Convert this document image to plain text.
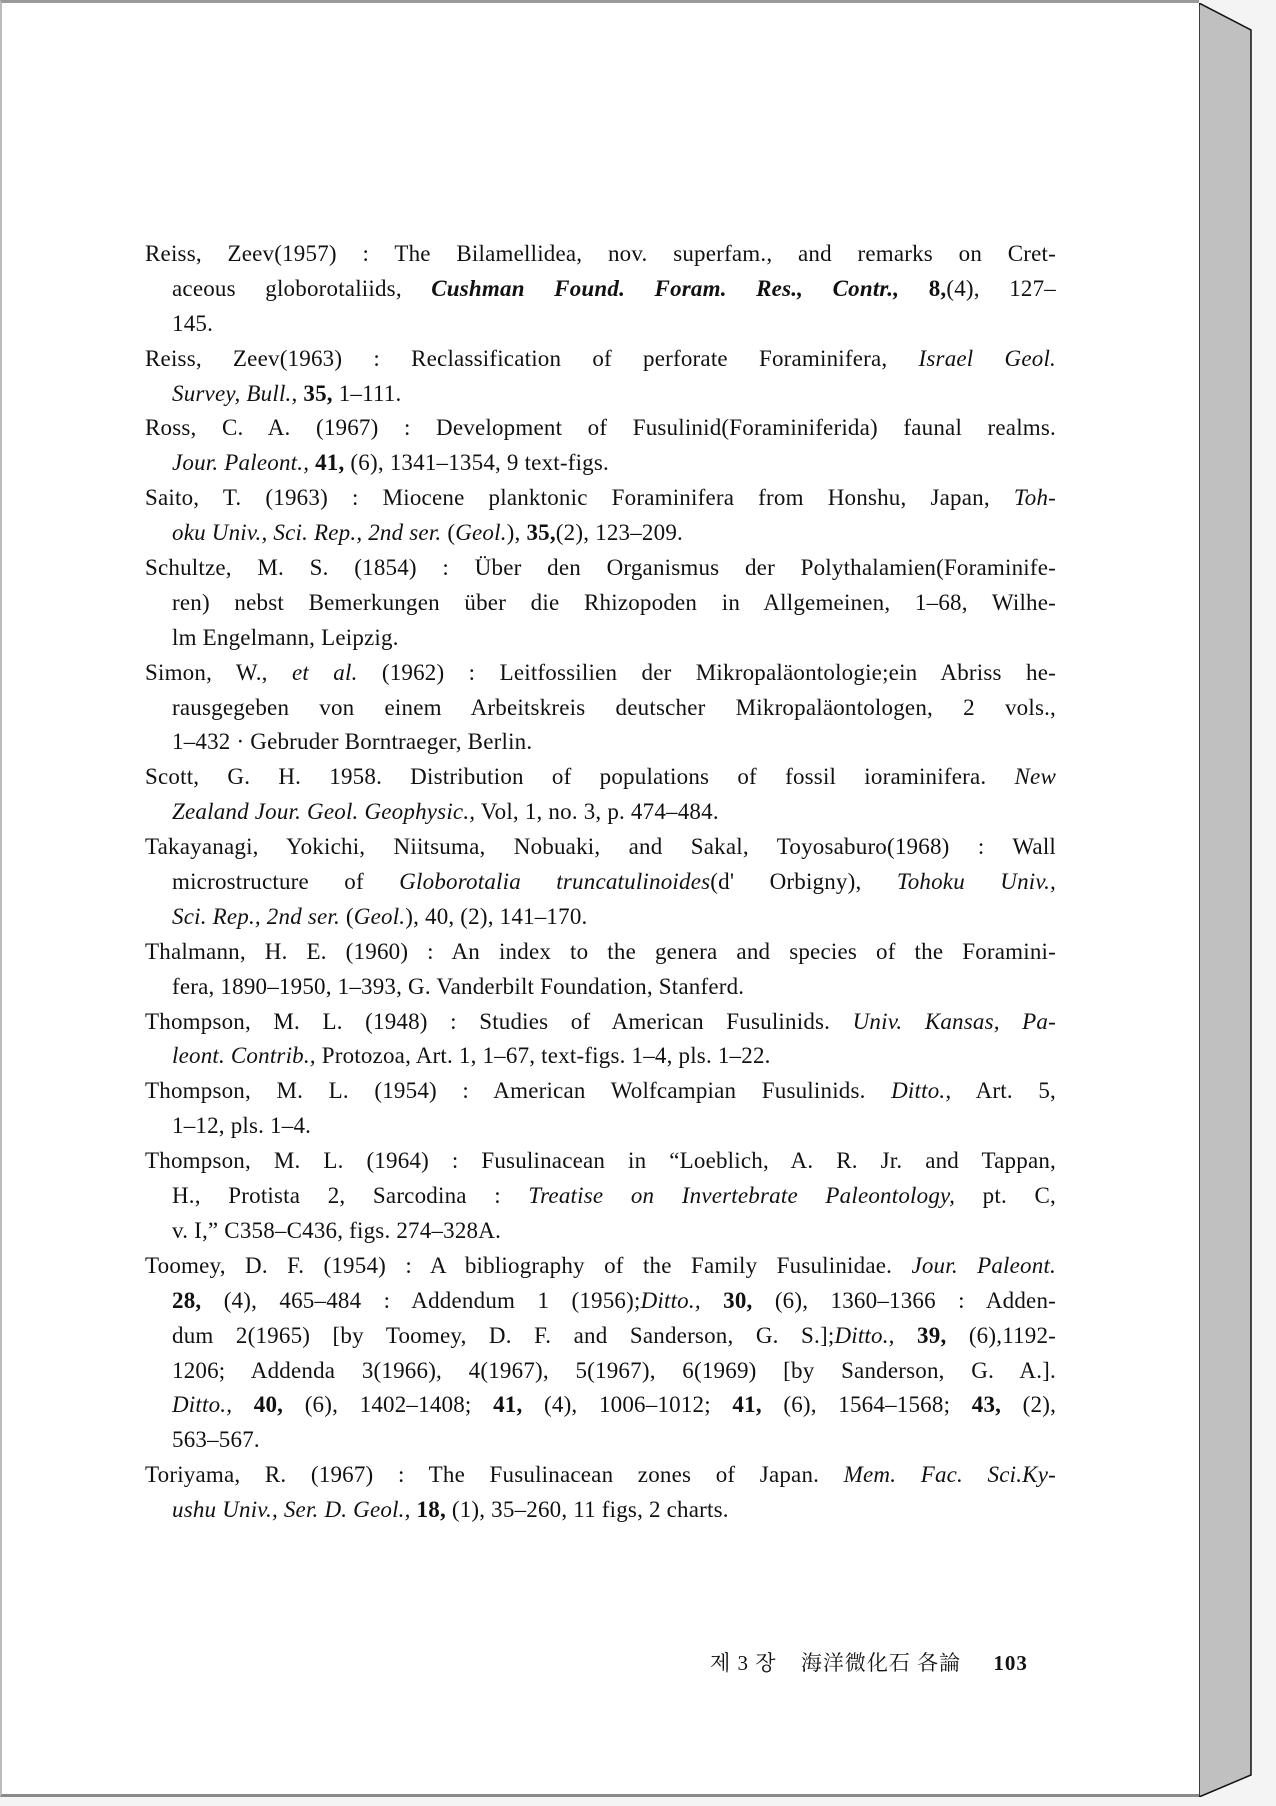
Reiss, Zeev(1957) : The Bilamellidea, nov. superfam., and remarks on Cret-
aceous globorotaliids, Cushman Found. Foram. Res., Contr., 8,(4), 127–
145.
Reiss, Zeev(1963) : Reclassification of perforate Foraminifera, Israel Geol.
Survey, Bull., 35, 1–111.
Ross, C. A. (1967) : Development of Fusulinid(Foraminiferida) faunal realms.
Jour. Paleont., 41, (6), 1341–1354, 9 text-figs.
Saito, T. (1963) : Miocene planktonic Foraminifera from Honshu, Japan, Toh-
oku Univ., Sci. Rep., 2nd ser. (Geol.), 35,(2), 123–209.
Schultze, M. S. (1854) : Über den Organismus der Polythalamien(Foraminife-
ren) nebst Bemerkungen über die Rhizopoden in Allgemeinen, 1–68, Wilhe-
lm Engelmann, Leipzig.
Simon, W., et al. (1962) : Leitfossilien der Mikropaläontologie;ein Abriss he-
rausgegeben von einem Arbeitskreis deutscher Mikropaläontologen, 2 vols.,
1–432 · Gebruder Borntraeger, Berlin.
Scott, G. H. 1958. Distribution of populations of fossil ioraminifera. New
Zealand Jour. Geol. Geophysic., Vol, 1, no. 3, p. 474–484.
Takayanagi, Yokichi, Niitsuma, Nobuaki, and Sakal, Toyosaburo(1968) : Wall
microstructure of Globorotalia truncatulinoides(d' Orbigny), Tohoku Univ.,
Sci. Rep., 2nd ser. (Geol.), 40, (2), 141–170.
Thalmann, H. E. (1960) : An index to the genera and species of the Foramini-
fera, 1890–1950, 1–393, G. Vanderbilt Foundation, Stanferd.
Thompson, M. L. (1948) : Studies of American Fusulinids. Univ. Kansas, Pa-
leont. Contrib., Protozoa, Art. 1, 1–67, text-figs. 1–4, pls. 1–22.
Thompson, M. L. (1954) : American Wolfcampian Fusulinids. Ditto., Art. 5,
1–12, pls. 1–4.
Thompson, M. L. (1964) : Fusulinacean in “Loeblich, A. R. Jr. and Tappan,
H., Protista 2, Sarcodina : Treatise on Invertebrate Paleontology, pt. C,
v. I,” C358–C436, figs. 274–328A.
Toomey, D. F. (1954) : A bibliography of the Family Fusulinidae. Jour. Paleont.
28, (4), 465–484 : Addendum 1 (1956);Ditto., 30, (6), 1360–1366 : Adden-
dum 2(1965) [by Toomey, D. F. and Sanderson, G. S.];Ditto., 39, (6),1192-
1206; Addenda 3(1966), 4(1967), 5(1967), 6(1969) [by Sanderson, G. A.].
Ditto., 40, (6), 1402–1408; 41, (4), 1006–1012; 41, (6), 1564–1568; 43, (2),
563–567.
Toriyama, R. (1967) : The Fusulinacean zones of Japan. Mem. Fac. Sci.Ky-
ushu Univ., Ser. D. Geol., 18, (1), 35–260, 11 figs, 2 charts.
제 3 장 海洋微化石 各論 103
